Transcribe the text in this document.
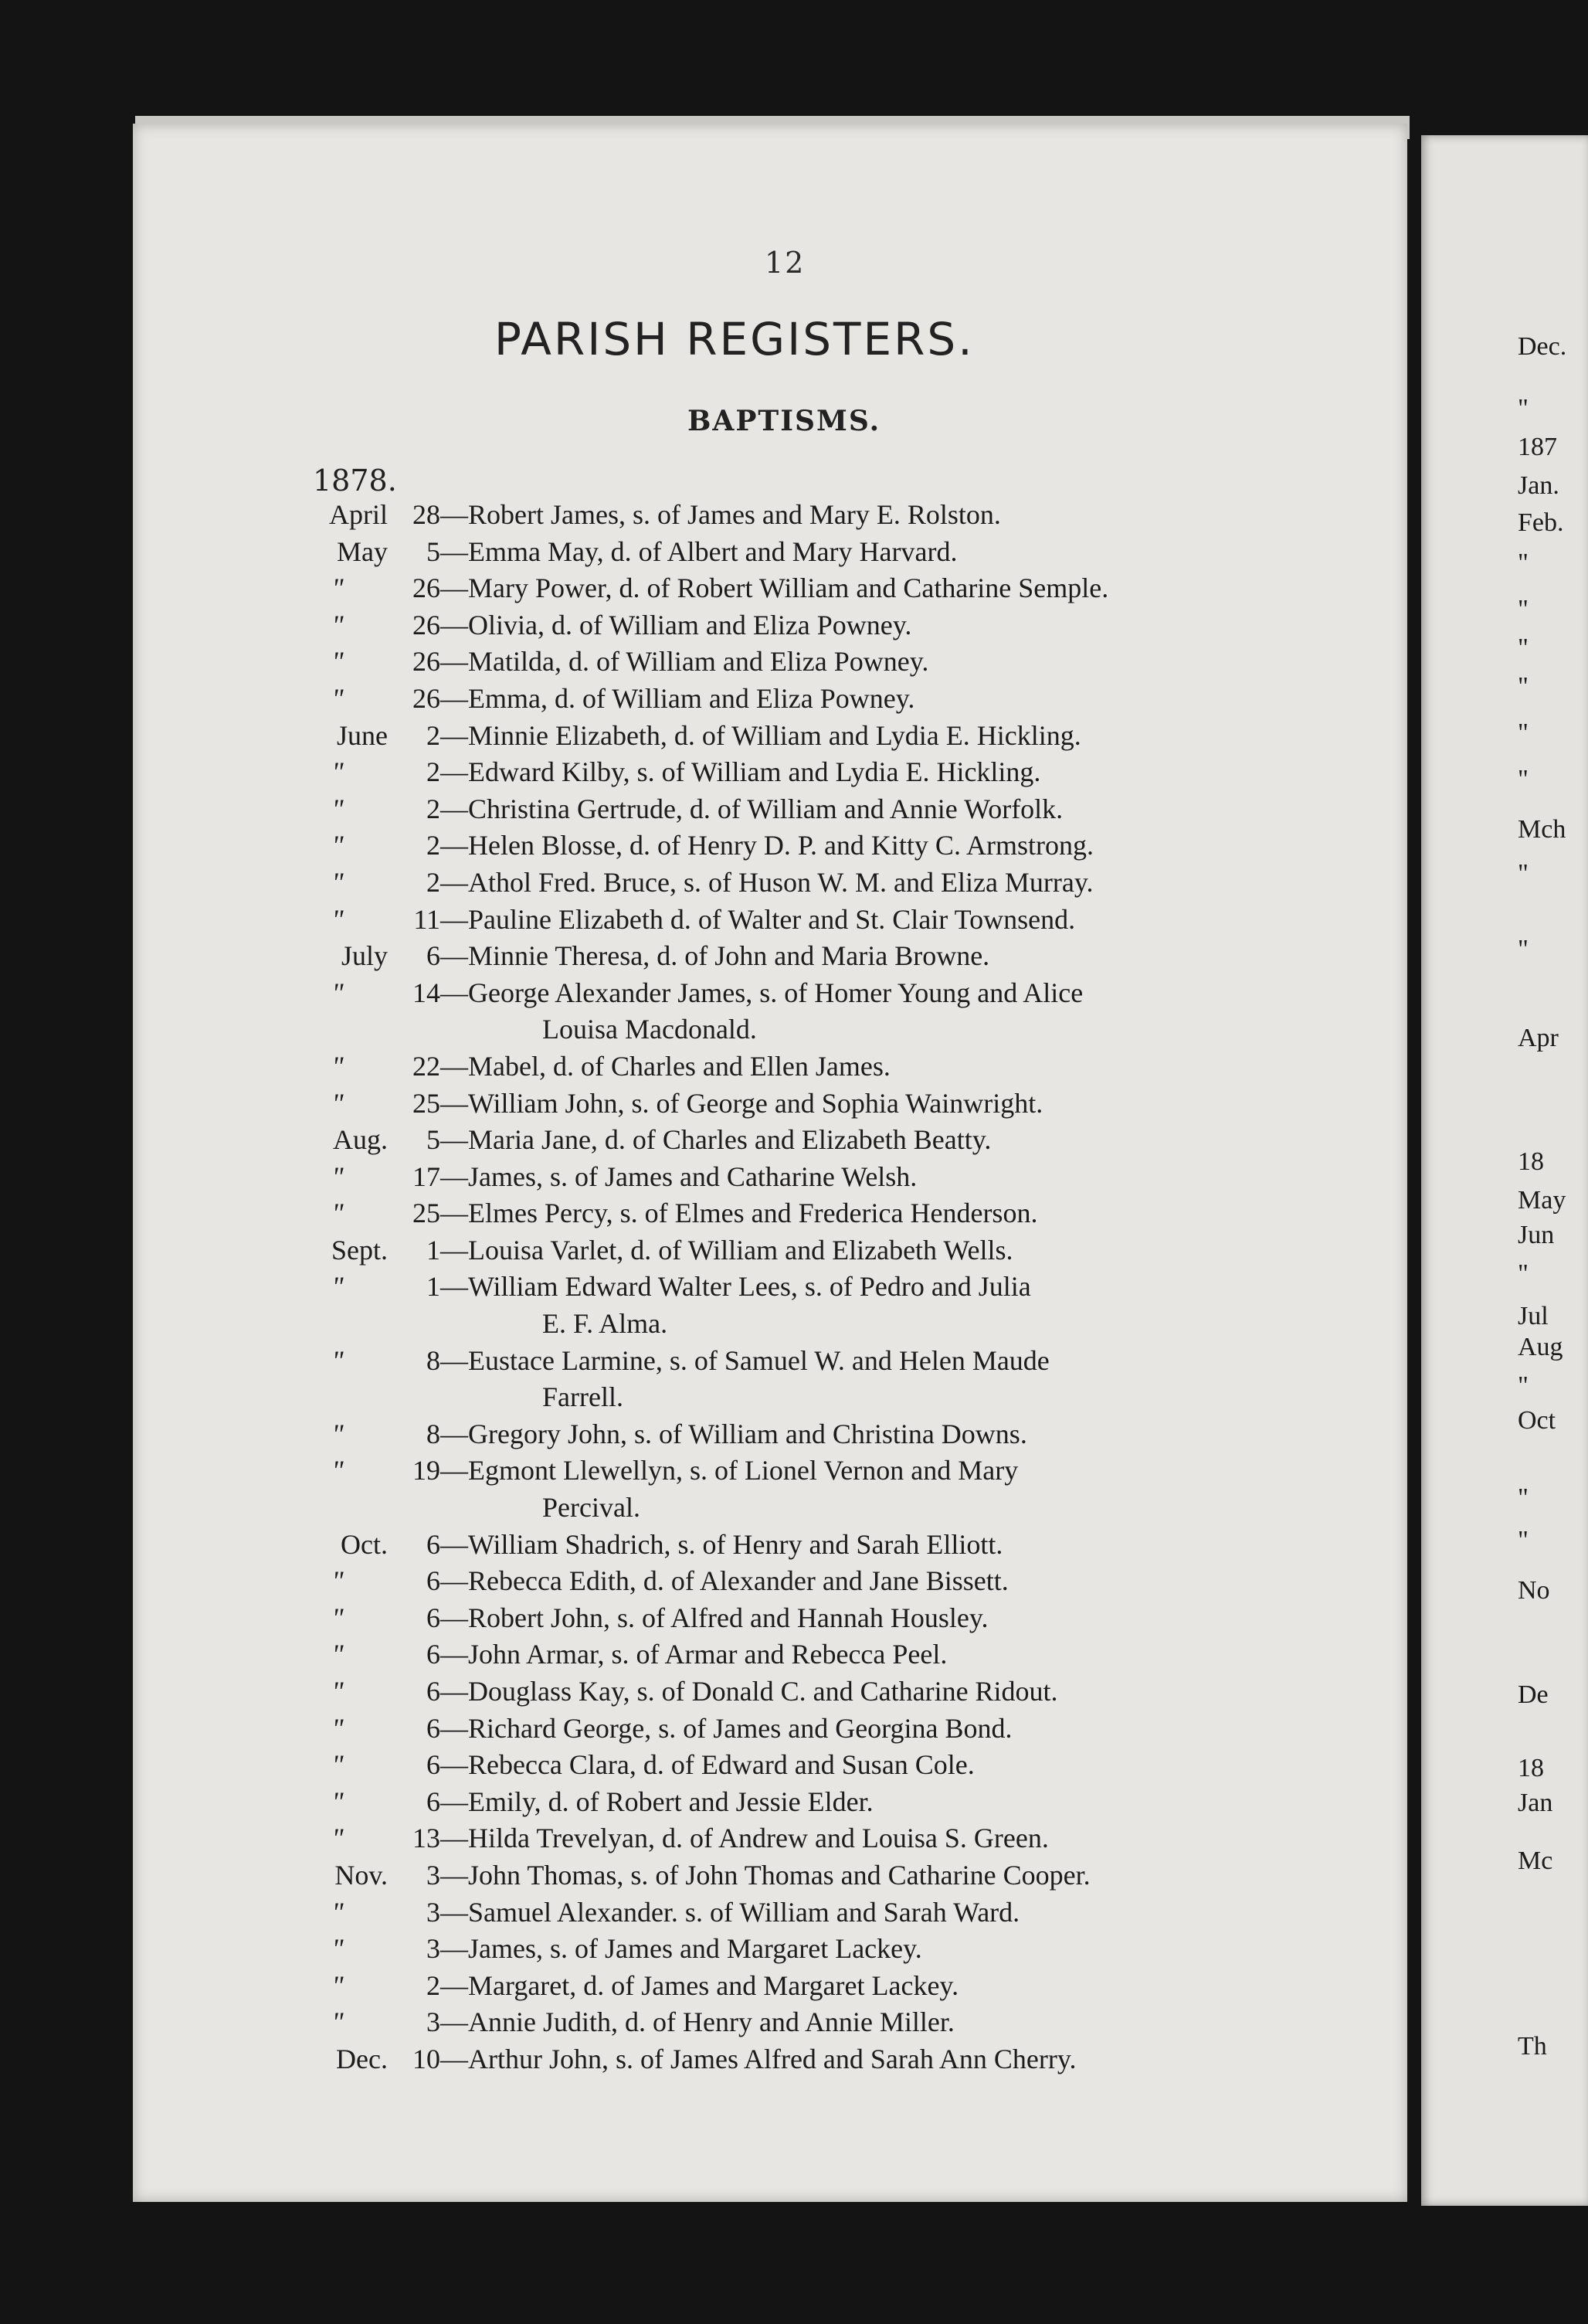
12
PARISH REGISTERS.
BAPTISMS.
1878.
April 28 —Robert James, s. of James and Mary E. Rolston.
May	5 —Emma May, d. of Albert and Mary Harvard.
"	26 —Mary Power, d. of Robert William and Catharine Semple.
"	26 —Olivia, d. of William and Eliza Powney.
"	26 —Matilda, d. of William and Eliza Powney.
"	26 —Emma, d. of William and Eliza Powney.
June	2 —Minnie Elizabeth, d. of William and Lydia E. Hickling.
"	2 —Edward Kilby, s. of William and Lydia E. Hickling.
"	2 —Christina Gertrude, d. of William and Annie Worfolk.
"	2 —Helen Blosse, d. of Henry D. P. and Kitty C. Armstrong.
"	2 —Athol Fred. Bruce, s. of Huson W. M. and Eliza Murray.
"	11 —Pauline Elizabeth d. of Walter and St. Clair Townsend.
July	6 —Minnie Theresa, d. of John and Maria Browne.
"	14 —George Alexander James, s. of Homer Young and Alice
Louisa Macdonald.
"	22 —Mabel, d. of Charles and Ellen James.
"	25 —William John, s. of George and Sophia Wainwright.
Aug.	5 —Maria Jane, d. of Charles and Elizabeth Beatty.
"	17 —James, s. of James and Catharine Welsh.
"	25 —Elmes Percy, s. of Elmes and Frederica Henderson.
Sept.	1 —Louisa Varlet, d. of William and Elizabeth Wells.
"	1 —William Edward Walter Lees, s. of Pedro and Julia
E. F. Alma.
"	8 —Eustace Larmine, s. of Samuel W. and Helen Maude
Farrell.
"	8 —Gregory John, s. of William and Christina Downs.
"	19 —Egmont Llewellyn, s. of Lionel Vernon and Mary
Percival.
Oct.	6 —William Shadrich, s. of Henry and Sarah Elliott.
"	6 —Rebecca Edith, d. of Alexander and Jane Bissett.
"	6 —Robert John, s. of Alfred and Hannah Housley.
"	6 —John Armar, s. of Armar and Rebecca Peel.
"	6 —Douglass Kay, s. of Donald C. and Catharine Ridout.
"	6 —Richard George, s. of James and Georgina Bond.
"	6 —Rebecca Clara, d. of Edward and Susan Cole.
"	6 —Emily, d. of Robert and Jessie Elder.
"	13 —Hilda Trevelyan, d. of Andrew and Louisa S. Green.
Nov.	3 —John Thomas, s. of John Thomas and Catharine Cooper.
"	3 —Samuel Alexander. s. of William and Sarah Ward.
"	3 —James, s. of James and Margaret Lackey.
"	2 —Margaret, d. of James and Margaret Lackey.
"	3 —Annie Judith, d. of Henry and Annie Miller.
Dec. 10 —Arthur John, s. of James Alfred and Sarah Ann Cherry.
Dec.
"
187
Jan.
Feb.
"
"
"
"
"
"
Mch
"
"
Apr
18
May
Jun
"
Jul
Aug
"
Oct
"
"
No
De
18
Jan
Mc
Th
